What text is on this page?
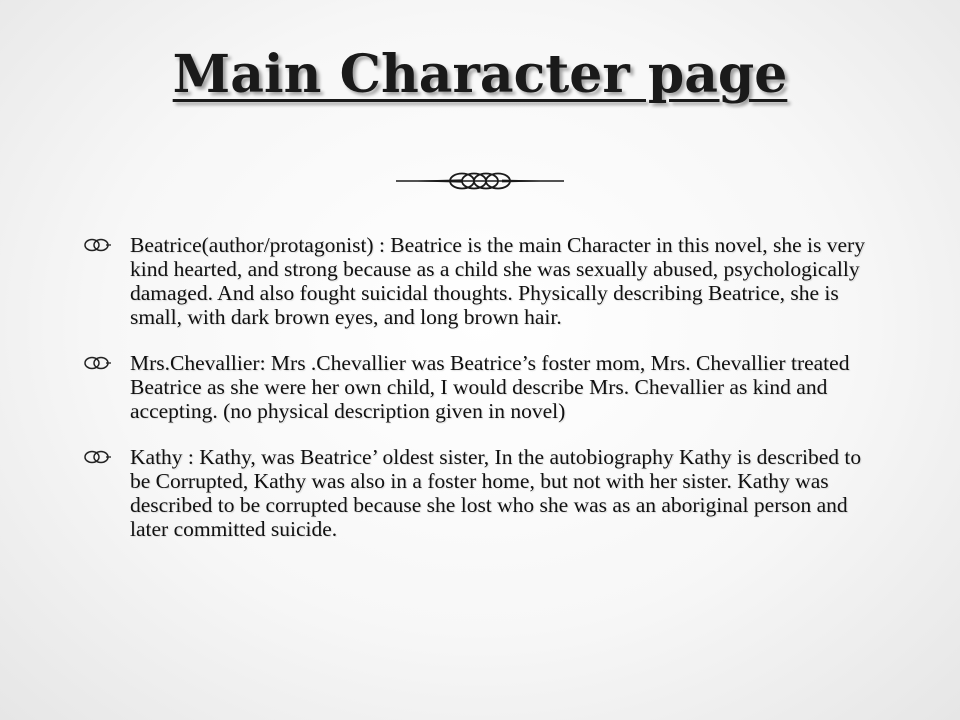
Main Character page
Beatrice(author/protagonist) : Beatrice is the main Character in this novel, she is very kind hearted, and strong because as a child she was sexually abused, psychologically damaged. And also fought suicidal thoughts. Physically describing Beatrice, she is small, with dark brown eyes, and long brown hair.
Mrs.Chevallier: Mrs .Chevallier was Beatrice’s foster mom, Mrs. Chevallier treated Beatrice as she were her own child, I would describe Mrs. Chevallier as kind and accepting. (no physical description given in novel)
Kathy : Kathy, was Beatrice’ oldest sister, In the autobiography Kathy is described to be Corrupted, Kathy was also in a foster home, but not with her sister. Kathy was described to be corrupted because she lost who she was as an aboriginal person and later committed suicide.
